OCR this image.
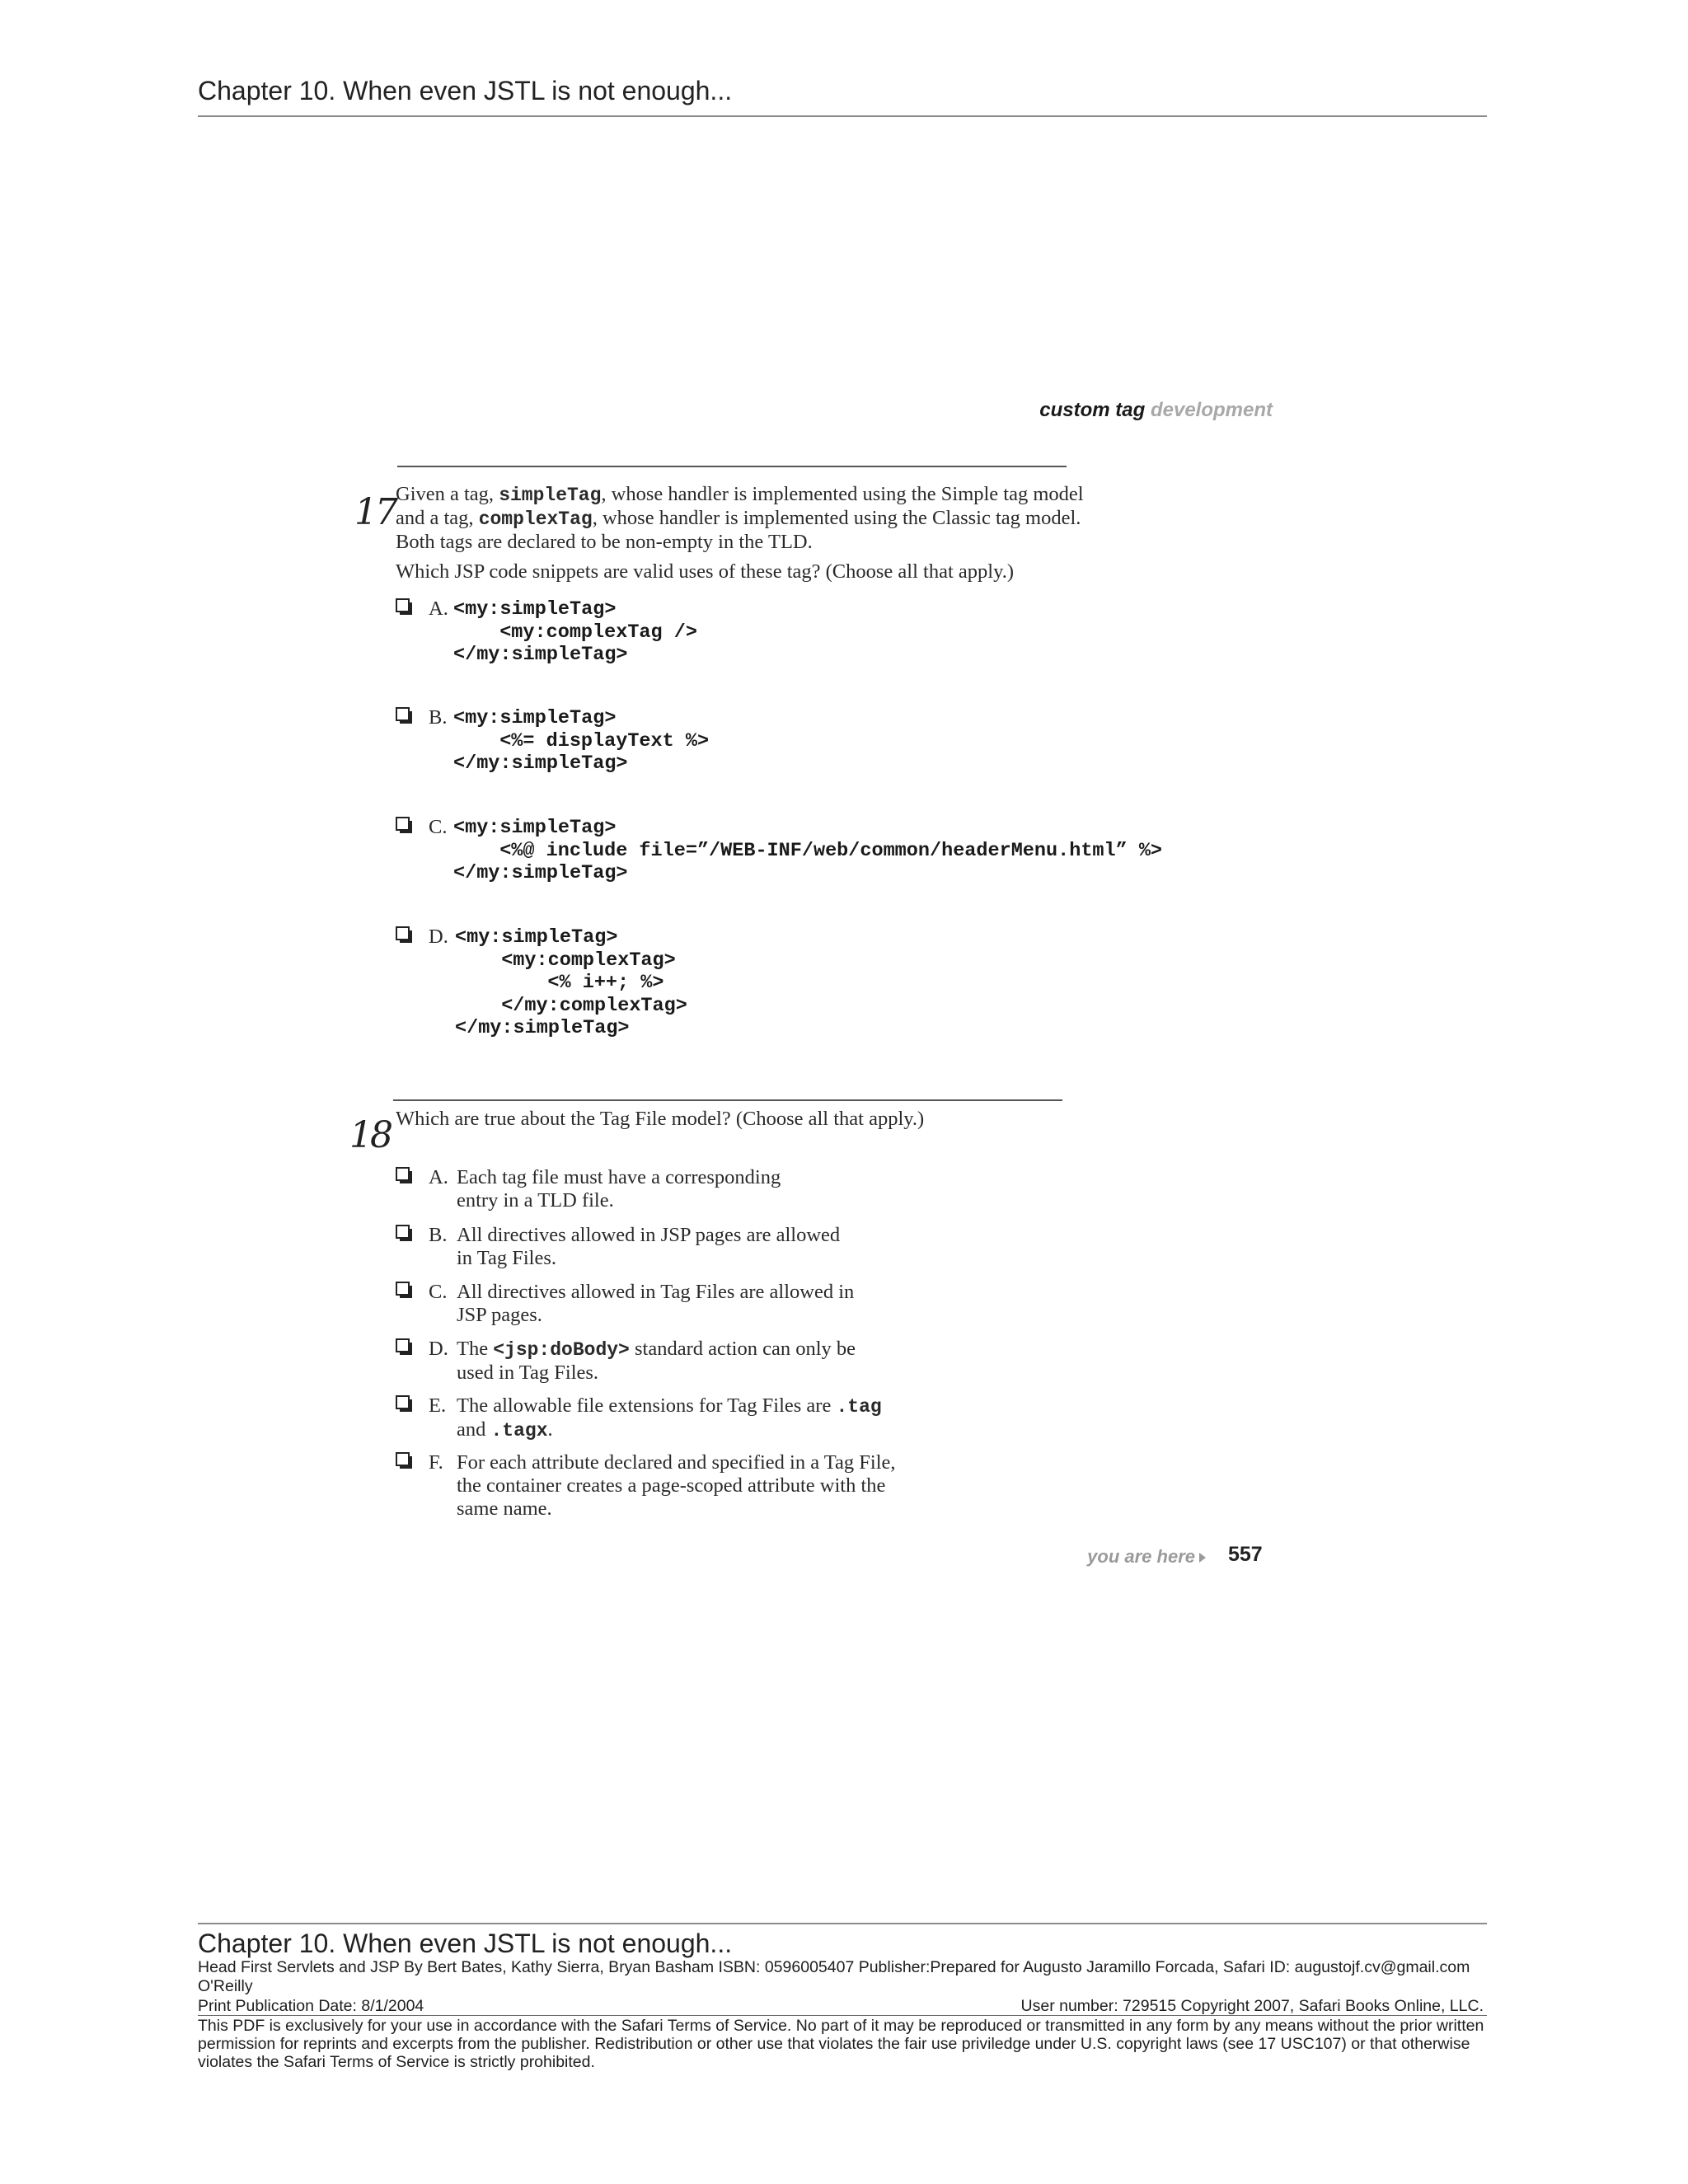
Chapter 10. When even JSTL is not enough...
custom tag development
17 Given a tag, simpleTag, whose handler is implemented using the Simple tag model
and a tag, complexTag, whose handler is implemented using the Classic tag model.
Both tags are declared to be non-empty in the TLD.
Which JSP code snippets are valid uses of these tag? (Choose all that apply.)
A. <my:simpleTag>
<my:complexTag />
</my:simpleTag>
B. <my:simpleTag>
<%= displayText %>
</my:simpleTag>
C. <my:simpleTag>
<%@ include file=”/WEB-INF/web/common/headerMenu.html” %>
</my:simpleTag>
D. <my:simpleTag>
<my:complexTag>
<% i++; %>
</my:complexTag>
</my:simpleTag>
18 Which are true about the Tag File model? (Choose all that apply.)
A. Each tag file must have a corresponding
entry in a TLD file.
B. All directives allowed in JSP pages are allowed
in Tag Files.
C. All directives allowed in Tag Files are allowed in
JSP pages.
D. The <jsp:doBody> standard action can only be
used in Tag Files.
E. The allowable file extensions for Tag Files are .tag
and .tagx.
F. For each attribute declared and specified in a Tag File,
the container creates a page-scoped attribute with the
same name.
you are here 557
Chapter 10. When even JSTL is not enough...
Head First Servlets and JSP By Bert Bates, Kathy Sierra, Bryan Basham ISBN: 0596005407 Publisher:Prepared for Augusto Jaramillo Forcada, Safari ID: augustojf.cv@gmail.com
O'Reilly
Print Publication Date: 8/1/2004	User number: 729515 Copyright 2007, Safari Books Online, LLC.
This PDF is exclusively for your use in accordance with the Safari Terms of Service. No part of it may be reproduced or transmitted in any form by any means without the prior written permission for reprints and excerpts from the publisher. Redistribution or other use that violates the fair use priviledge under U.S. copyright laws (see 17 USC107) or that otherwise violates the Safari Terms of Service is strictly prohibited.
